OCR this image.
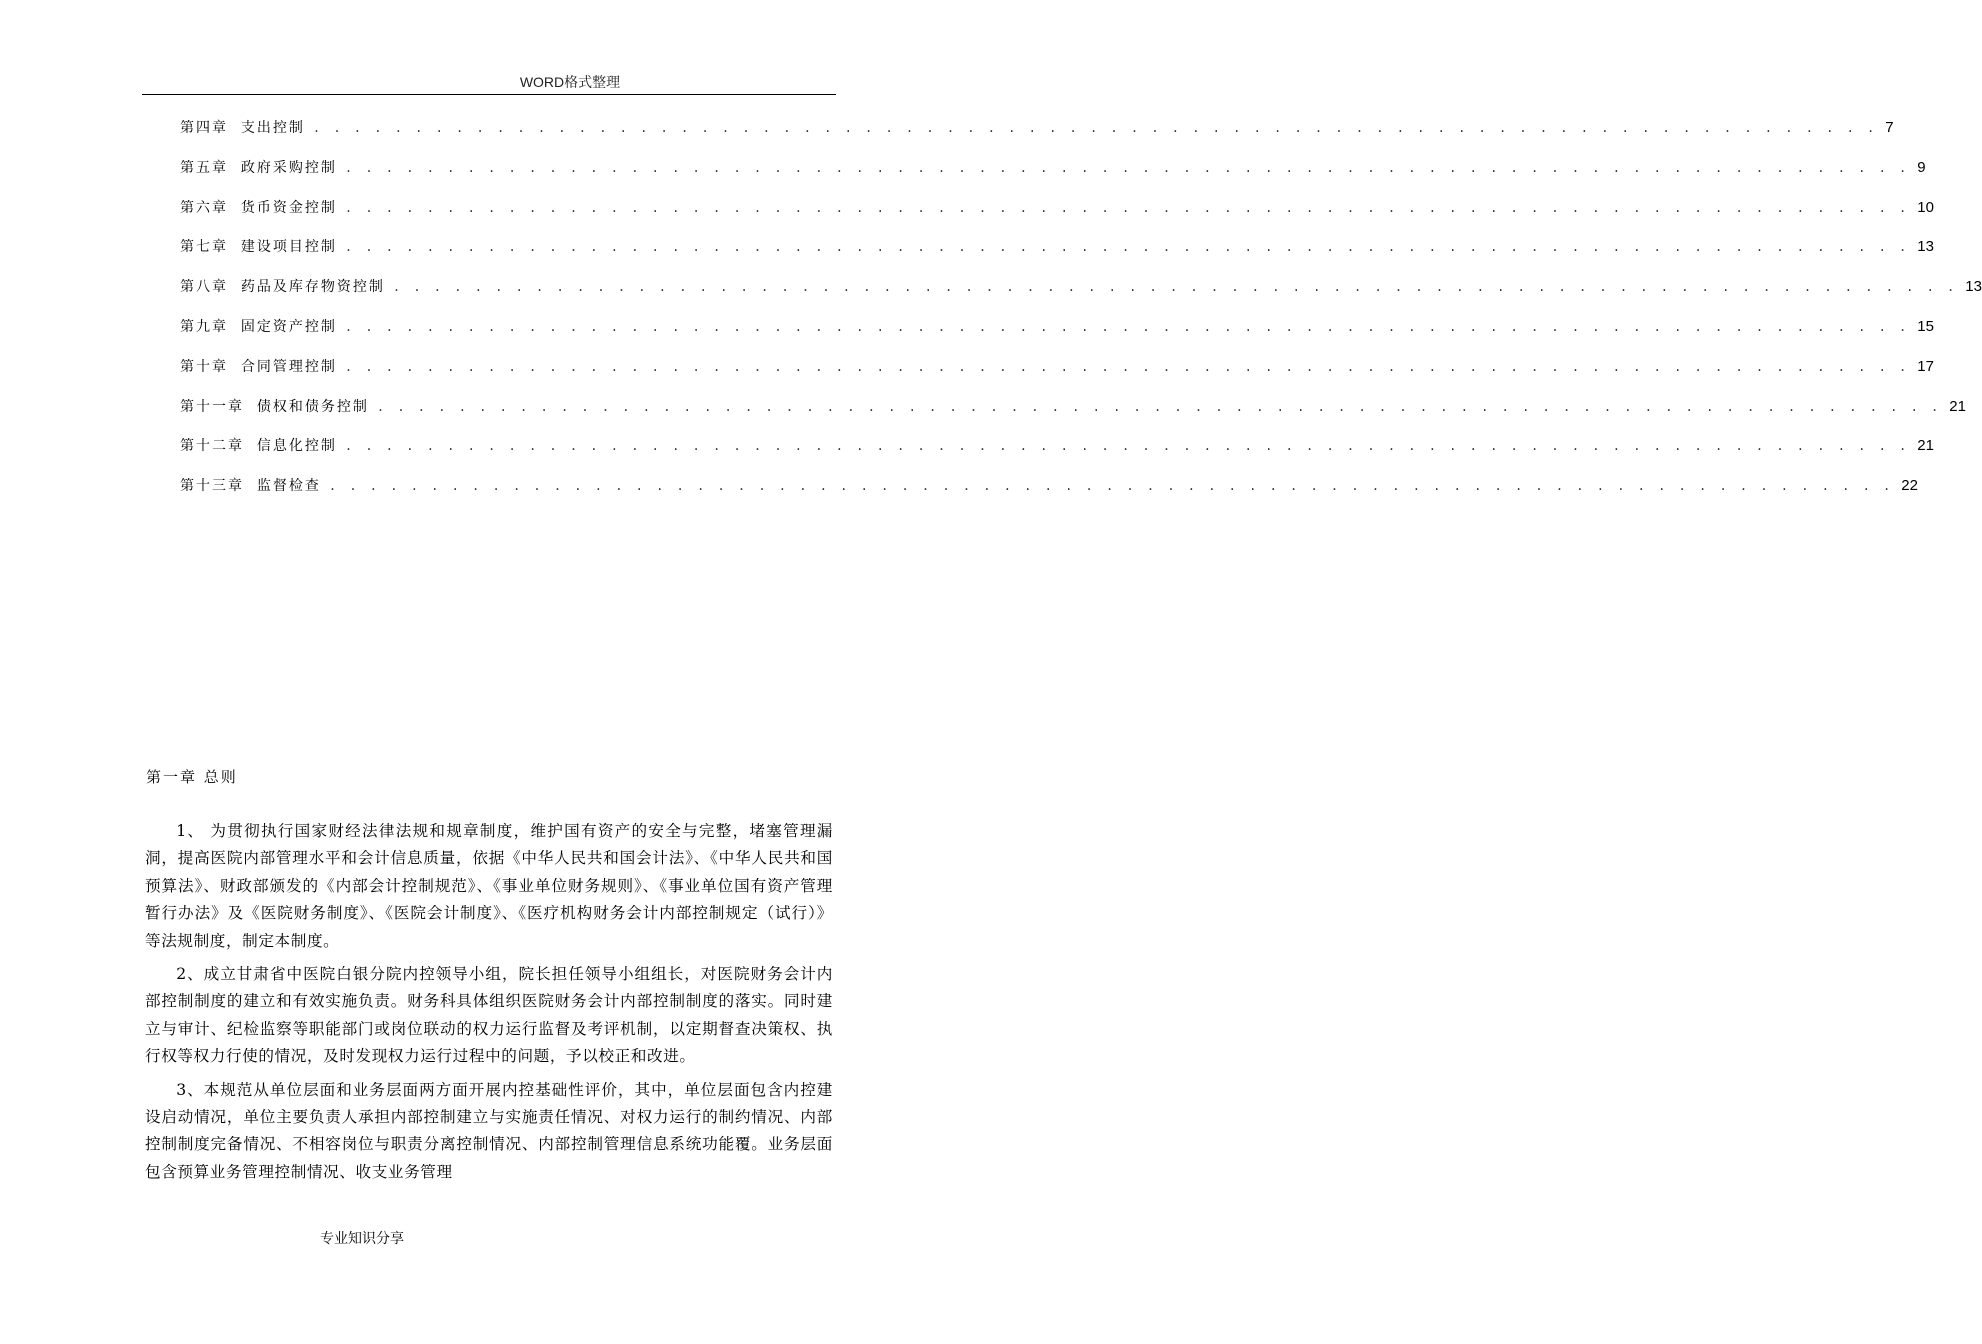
WORD格式整理
第四章  支出控制 . . . . . . . . . . . . . . . . . . . . . . . . . . . . . . . . . . . . . . . . . . . . . . . . . . . . . . . . . . . . . . . . . . . . . . . . . . . . . 7
第五章  政府采购控制 . . . . . . . . . . . . . . . . . . . . . . . . . . . . . . . . . . . . . . . . . . . . . . . . . . . . . . . . . . . . . . . . . . . . . . . . . . . . . 9
第六章  货币资金控制 . . . . . . . . . . . . . . . . . . . . . . . . . . . . . . . . . . . . . . . . . . . . . . . . . . . . . . . . . . . . . . . . . . . . . . . . . . . . . 10
第七章  建设项目控制 . . . . . . . . . . . . . . . . . . . . . . . . . . . . . . . . . . . . . . . . . . . . . . . . . . . . . . . . . . . . . . . . . . . . . . . . . . . . . 13
第八章  药品及库存物资控制 . . . . . . . . . . . . . . . . . . . . . . . . . . . . . . . . . . . . . . . . . . . . . . . . . . . . . . . . . . . . . . . . . . . . . . . . . . . . . 13
第九章  固定资产控制 . . . . . . . . . . . . . . . . . . . . . . . . . . . . . . . . . . . . . . . . . . . . . . . . . . . . . . . . . . . . . . . . . . . . . . . . . . . . . 15
第十章  合同管理控制 . . . . . . . . . . . . . . . . . . . . . . . . . . . . . . . . . . . . . . . . . . . . . . . . . . . . . . . . . . . . . . . . . . . . . . . . . . . . . 17
第十一章  债权和债务控制 . . . . . . . . . . . . . . . . . . . . . . . . . . . . . . . . . . . . . . . . . . . . . . . . . . . . . . . . . . . . . . . . . . . . . . . . . . . . . 21
第十二章  信息化控制 . . . . . . . . . . . . . . . . . . . . . . . . . . . . . . . . . . . . . . . . . . . . . . . . . . . . . . . . . . . . . . . . . . . . . . . . . . . . . 21
第十三章  监督检查 . . . . . . . . . . . . . . . . . . . . . . . . . . . . . . . . . . . . . . . . . . . . . . . . . . . . . . . . . . . . . . . . . . . . . . . . . . . . . 22
第一章 总则

1、 为贯彻执行国家财经法律法规和规章制度，维护国有资产的安全与完整，堵塞管理漏洞，提高医院内部管理水平和会计信息质量，依据《中华人民共和国会计法》、《中华人民共和国预算法》、财政部颁发的《内部会计控制规范》、《事业单位财务规则》、《事业单位国有资产管理暂行办法》及《医院财务制度》、《医院会计制度》、《医疗机构财务会计内部控制规定（试行）》等法规制度，制定本制度。

2、成立甘肃省中医院白银分院内控领导小组，院长担任领导小组组长，对医院财务会计内部控制制度的建立和有效实施负责。财务科具体组织医院财务会计内部控制制度的落实。同时建立与审计、纪检监察等职能部门或岗位联动的权力运行监督及考评机制，以定期督查决策权、执行权等权力行使的情况，及时发现权力运行过程中的问题，予以校正和改进。

3、本规范从单位层面和业务层面两方面开展内控基础性评价，其中，单位层面包含内控建设启动情况，单位主要负责人承担内部控制建立与实施责任情况、对权力运行的制约情况、内部控制制度完备情况、不相容岗位与职责分离控制情况、内部控制管理信息系统功能覆。业务层面包含预算业务管理控制情况、收支业务管理

专业知识分享
